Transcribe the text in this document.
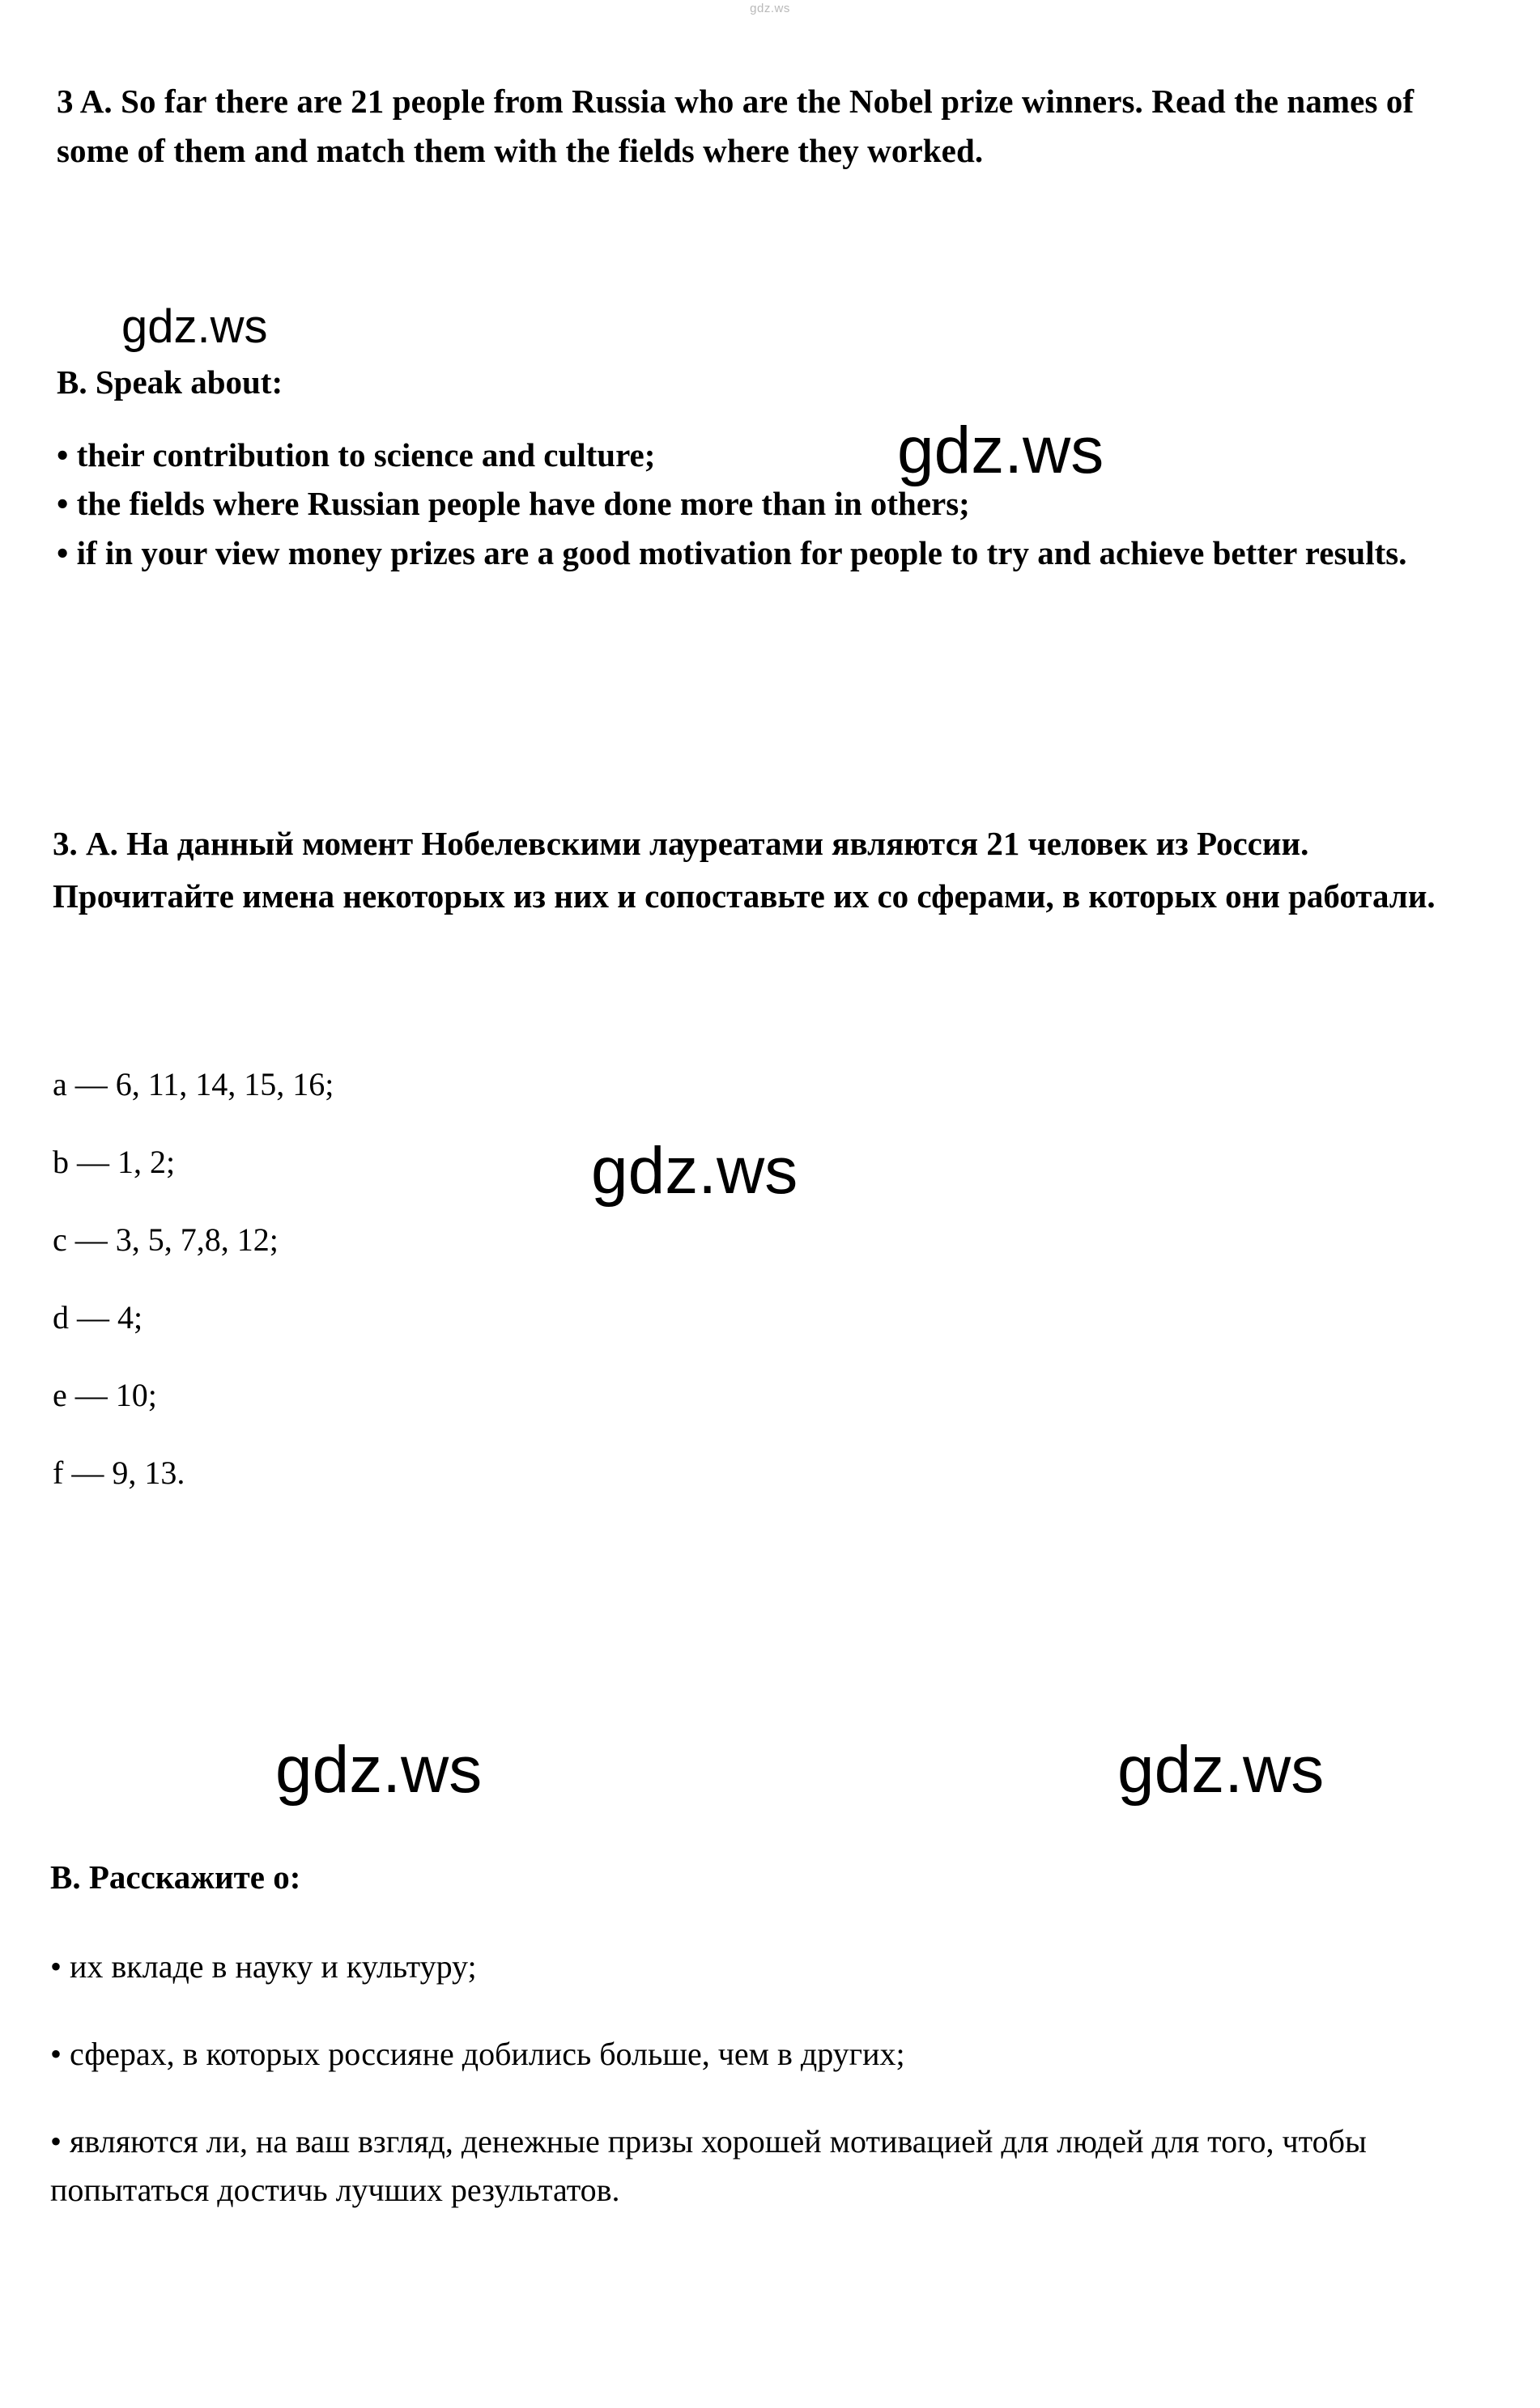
gdz.ws
3 A. So far there are 21 people from Russia who are the Nobel prize winners. Read the names of some of them and match them with the fields where they worked.
B. Speak about:
• their contribution to science and culture;
• the fields where Russian people have done more than in others;
• if in your view money prizes are a good motivation for people to try and achieve better results.
3. А. На данный момент Нобелевскими лауреатами являются 21 человек из России. Прочитайте имена некоторых из них и сопоставьте их со сферами, в которых они работали.
a — 6, 11, 14, 15, 16;
b — 1, 2;
c — 3, 5, 7,8, 12;
d — 4;
e — 10;
f — 9, 13.
В. Расскажите о:
• их вкладе в науку и культуру;
• сферах, в которых россияне добились больше, чем в других;
• являются ли, на ваш взгляд, денежные призы хорошей мотивацией для людей для того, чтобы попытаться достичь лучших результатов.
gdz.ws
gdz.ws
gdz.ws
gdz.ws	gdz.ws
